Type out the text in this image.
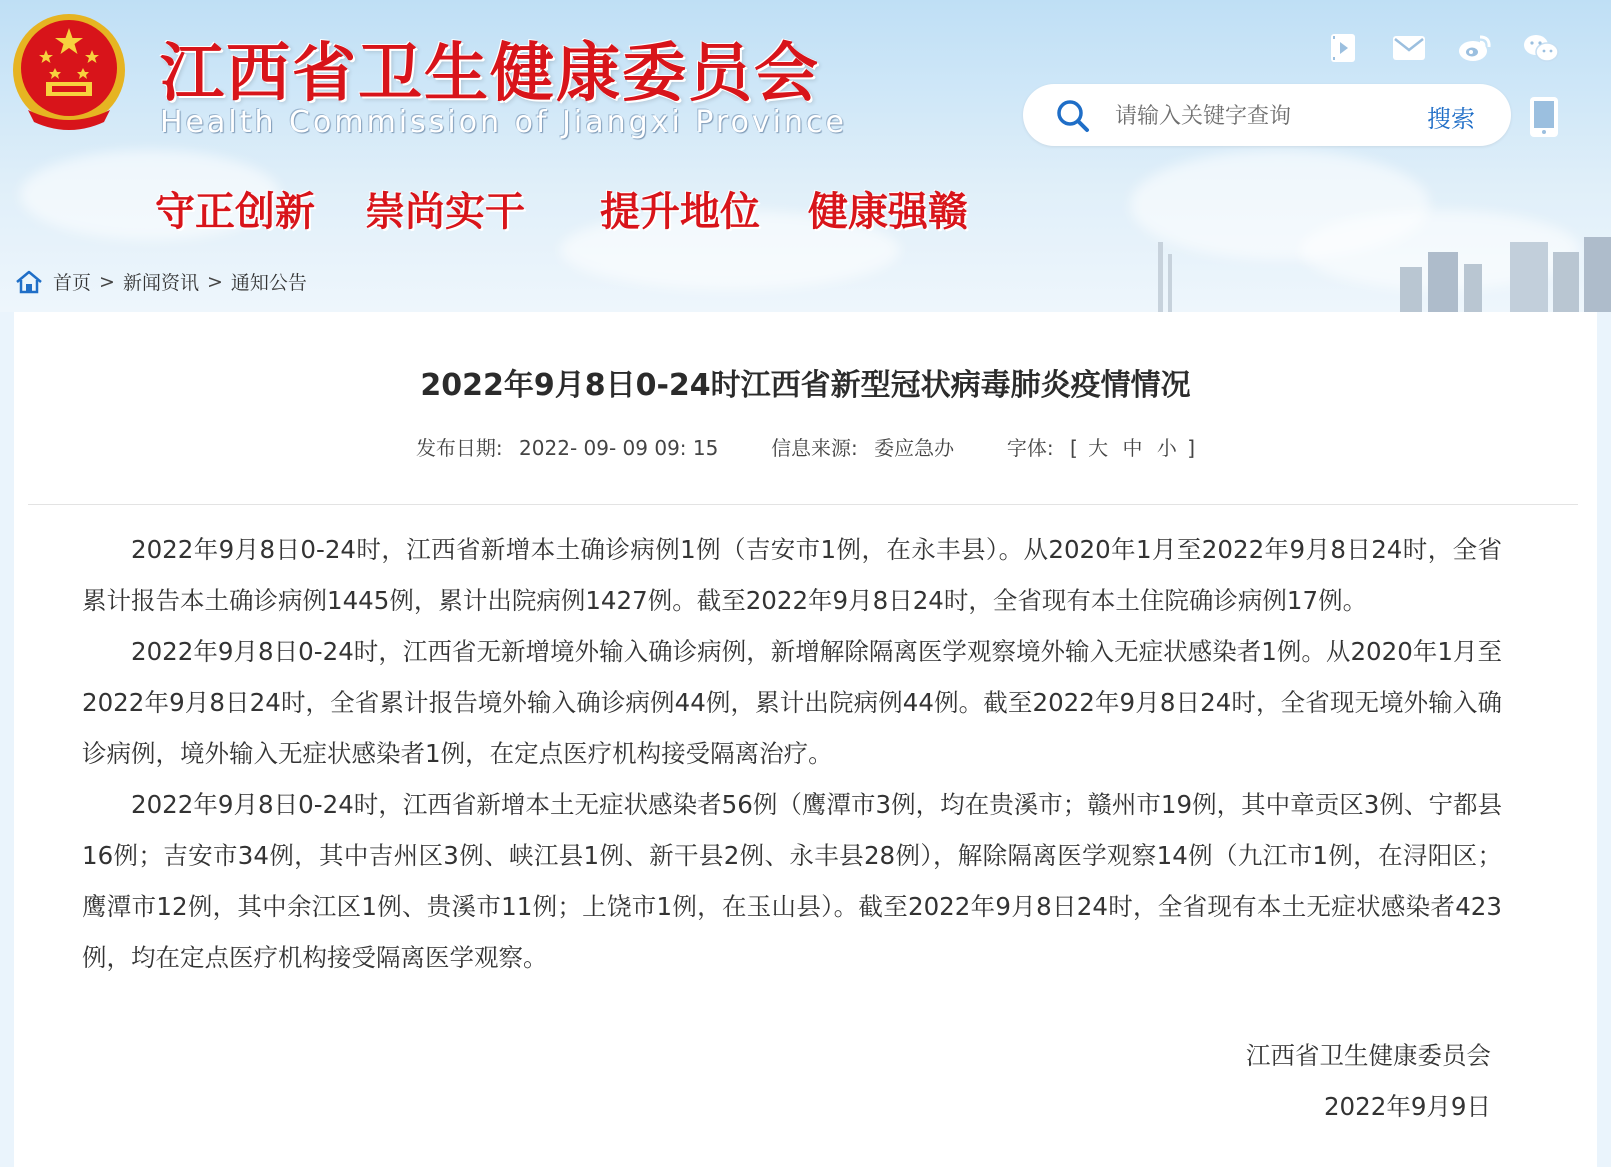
江西省卫生健康委员会
Health Commission of Jiangxi Province
守正创新	崇尚实干	提升地位	健康强赣
请输入关键字查询
搜索
首页 > 新闻资讯 > 通知公告
2022年9月8日0-24时江西省新型冠状病毒肺炎疫情情况
发布日期: 2022- 09- 09 09: 15	信息来源: 委应急办	字体: [ 大 中 小 ]

2022年9月8日0-24时，江西省新增本土确诊病例1例（吉安市1例，在永丰县）。从2020年1月至2022年9月8日24时，全省累计报告本土确诊病例1445例，累计出院病例1427例。截至2022年9月8日24时，全省现有本土住院确诊病例17例。

2022年9月8日0-24时，江西省无新增境外输入确诊病例，新增解除隔离医学观察境外输入无症状感染者1例。从2020年1月至2022年9月8日24时，全省累计报告境外输入确诊病例44例，累计出院病例44例。截至2022年9月8日24时，全省现无境外输入确诊病例，境外输入无症状感染者1例，在定点医疗机构接受隔离治疗。

2022年9月8日0-24时，江西省新增本土无症状感染者56例（鹰潭市3例，均在贵溪市；赣州市19例，其中章贡区3例、宁都县16例；吉安市34例，其中吉州区3例、峡江县1例、新干县2例、永丰县28例），解除隔离医学观察14例（九江市1例，在浔阳区；鹰潭市12例，其中余江区1例、贵溪市11例；上饶市1例，在玉山县）。截至2022年9月8日24时，全省现有本土无症状感染者423例，均在定点医疗机构接受隔离医学观察。

江西省卫生健康委员会
2022年9月9日
